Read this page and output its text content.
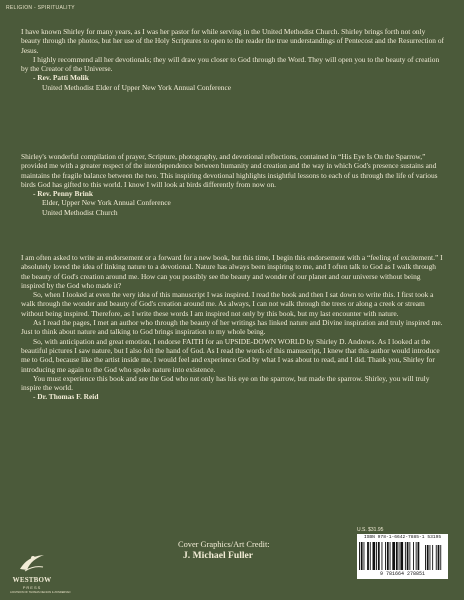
RELIGION - SPIRITUALITY

I have known Shirley for many years, as I was her pastor for while serving in the United Methodist Church. Shirley brings forth not only beauty through the photos, but her use of the Holy Scriptures to open to the reader the true understandings of Pentecost and the Resurrection of Jesus.

I highly recommend all her devotionals; they will draw you closer to God through the Word. They will open you to the beauty of creation by the Creator of the Universe.

- Rev. Patti Molik

United Methodist Elder of Upper New York Annual Conference

Shirley's wonderful compilation of prayer, Scripture, photography, and devotional reflections, contained in “His Eye Is On the Sparrow,” provided me with a greater respect of the interdependence between humanity and creation and the way in which God's presence sustains and maintains the fragile balance between the two. This inspiring devotional highlights insightful lessons to each of us through the life of various birds God has gifted to this world. I know I will look at birds differently from now on.

- Rev. Penny Brink

Elder, Upper New York Annual Conference

United Methodist Church

I am often asked to write an endorsement or a forward for a new book, but this time, I begin this endorsement with a “feeling of excitement.” I absolutely loved the idea of linking nature to a devotional. Nature has always been inspiring to me, and I often talk to God as I walk through the beauty of God's creation around me. How can you possibly see the beauty and wonder of our planet and our universe without being inspired by the God who made it?

So, when I looked at even the very idea of this manuscript I was inspired. I read the book and then I sat down to write this. I first took a walk through the wonder and beauty of God's creation around me. As always, I can not walk through the trees or along a creek or stream without being inspired. Therefore, as I write these words I am inspired not only by this book, but my last encounter with nature.

As I read the pages, I met an author who through the beauty of her writings has linked nature and Divine inspiration and truly inspired me. Just to think about nature and talking to God brings inspiration to my whole being.

So, with anticipation and great emotion, I endorse FAITH for an UPSIDE-DOWN WORLD by Shirley D. Andrews. As I looked at the beautiful pictures I saw nature, but I also felt the hand of God. As I read the words of this manuscript, I knew that this author would introduce me to God, because like the artist inside me, I would feel and experience God by what I was about to read, and I did. Thank you, Shirley for introducing me again to the God who spoke nature into existence.

You must experience this book and see the God who not only has his eye on the sparrow, but made the sparrow. Shirley, you will truly inspire the world.

- Dr. Thomas F. Reid

WESTBOW
PRESS
A DIVISION OF THOMAS NELSON & ZONDERVAN
Cover Graphics/Art Credit:
J. Michael Fuller
U.S. $31.95
ISBN 978-1-6642-7885-1 53195
9 781664 278851
